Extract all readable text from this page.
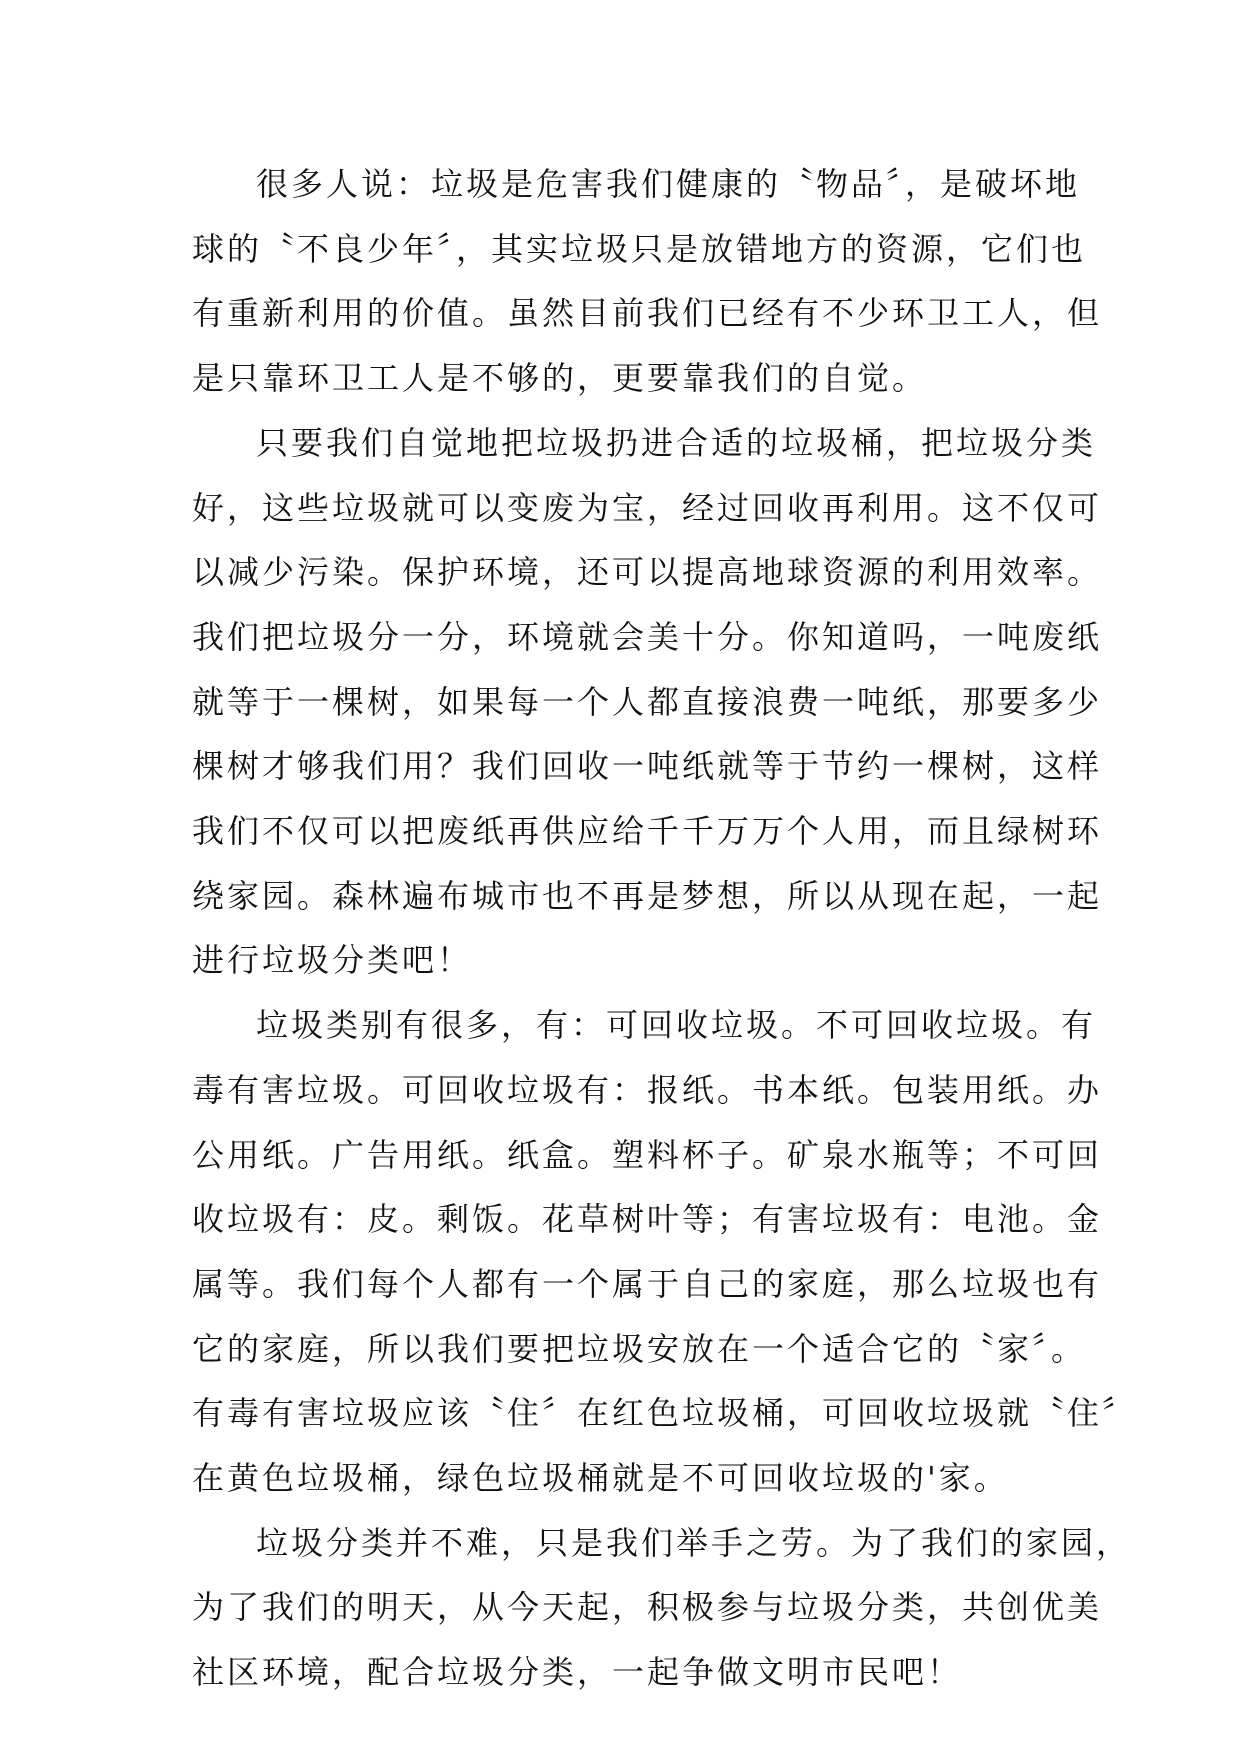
很多人说：垃圾是危害我们健康的〝物品〞，是破坏地
球的〝不良少年〞，其实垃圾只是放错地方的资源，它们也
有重新利用的价值。虽然目前我们已经有不少环卫工人，但
是只靠环卫工人是不够的，更要靠我们的自觉。

只要我们自觉地把垃圾扔进合适的垃圾桶，把垃圾分类
好，这些垃圾就可以变废为宝，经过回收再利用。这不仅可
以减少污染。保护环境，还可以提高地球资源的利用效率。
我们把垃圾分一分，环境就会美十分。你知道吗，一吨废纸
就等于一棵树，如果每一个人都直接浪费一吨纸，那要多少
棵树才够我们用？我们回收一吨纸就等于节约一棵树，这样
我们不仅可以把废纸再供应给千千万万个人用，而且绿树环
绕家园。森林遍布城市也不再是梦想，所以从现在起，一起
进行垃圾分类吧！

垃圾类别有很多，有：可回收垃圾。不可回收垃圾。有
毒有害垃圾。可回收垃圾有：报纸。书本纸。包装用纸。办
公用纸。广告用纸。纸盒。塑料杯子。矿泉水瓶等；不可回
收垃圾有：皮。剩饭。花草树叶等；有害垃圾有：电池。金
属等。我们每个人都有一个属于自己的家庭，那么垃圾也有
它的家庭，所以我们要把垃圾安放在一个适合它的〝家〞。
有毒有害垃圾应该〝住〞在红色垃圾桶，可回收垃圾就〝住〞
在黄色垃圾桶，绿色垃圾桶就是不可回收垃圾的'家。

垃圾分类并不难，只是我们举手之劳。为了我们的家园，
为了我们的明天，从今天起，积极参与垃圾分类，共创优美
社区环境，配合垃圾分类，一起争做文明市民吧！
